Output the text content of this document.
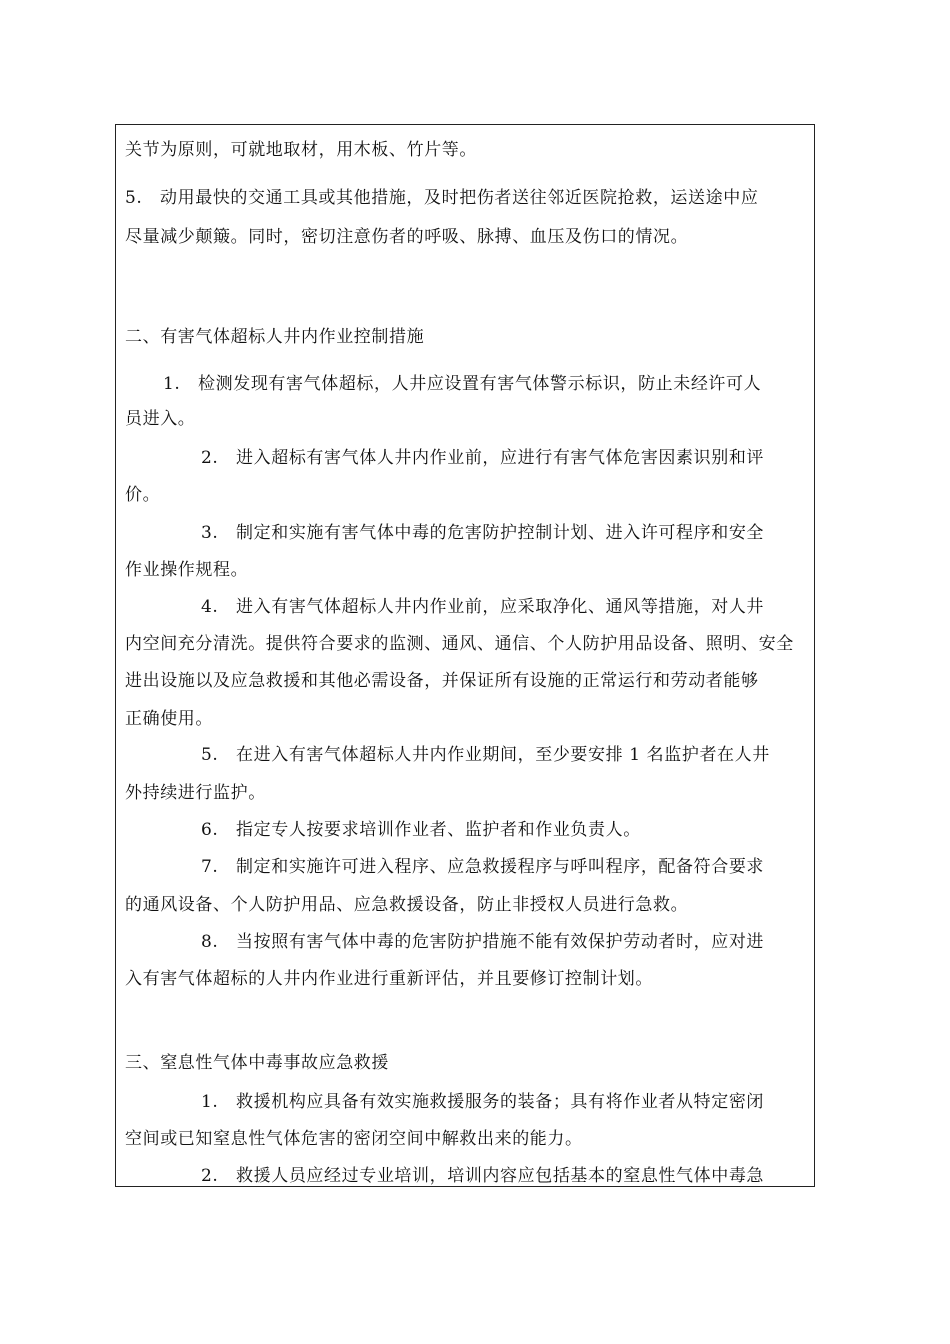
关节为原则，可就地取材，用木板、竹片等。
5.　动用最快的交通工具或其他措施，及时把伤者送往邻近医院抢救，运送途中应
尽量减少颠簸。同时，密切注意伤者的呼吸、脉搏、血压及伤口的情况。
二、有害气体超标人井内作业控制措施
1.　检测发现有害气体超标，人井应设置有害气体警示标识，防止未经许可人
员进入。
2.　进入超标有害气体人井内作业前，应进行有害气体危害因素识别和评
价。
3.　制定和实施有害气体中毒的危害防护控制计划、进入许可程序和安全
作业操作规程。
4.　进入有害气体超标人井内作业前，应采取净化、通风等措施，对人井
内空间充分清洗。提供符合要求的监测、通风、通信、个人防护用品设备、照明、安全
进出设施以及应急救援和其他必需设备，并保证所有设施的正常运行和劳动者能够
正确使用。
5.　在进入有害气体超标人井内作业期间，至少要安排 1 名监护者在人井
外持续进行监护。
6.　指定专人按要求培训作业者、监护者和作业负责人。
7.　制定和实施许可进入程序、应急救援程序与呼叫程序，配备符合要求
的通风设备、个人防护用品、应急救援设备，防止非授权人员进行急救。
8.　当按照有害气体中毒的危害防护措施不能有效保护劳动者时，应对进
入有害气体超标的人井内作业进行重新评估，并且要修订控制计划。
三、窒息性气体中毒事故应急救援
1.　救援机构应具备有效实施救援服务的装备；具有将作业者从特定密闭
空间或已知窒息性气体危害的密闭空间中解救出来的能力。
2.　救援人员应经过专业培训，培训内容应包括基本的窒息性气体中毒急
